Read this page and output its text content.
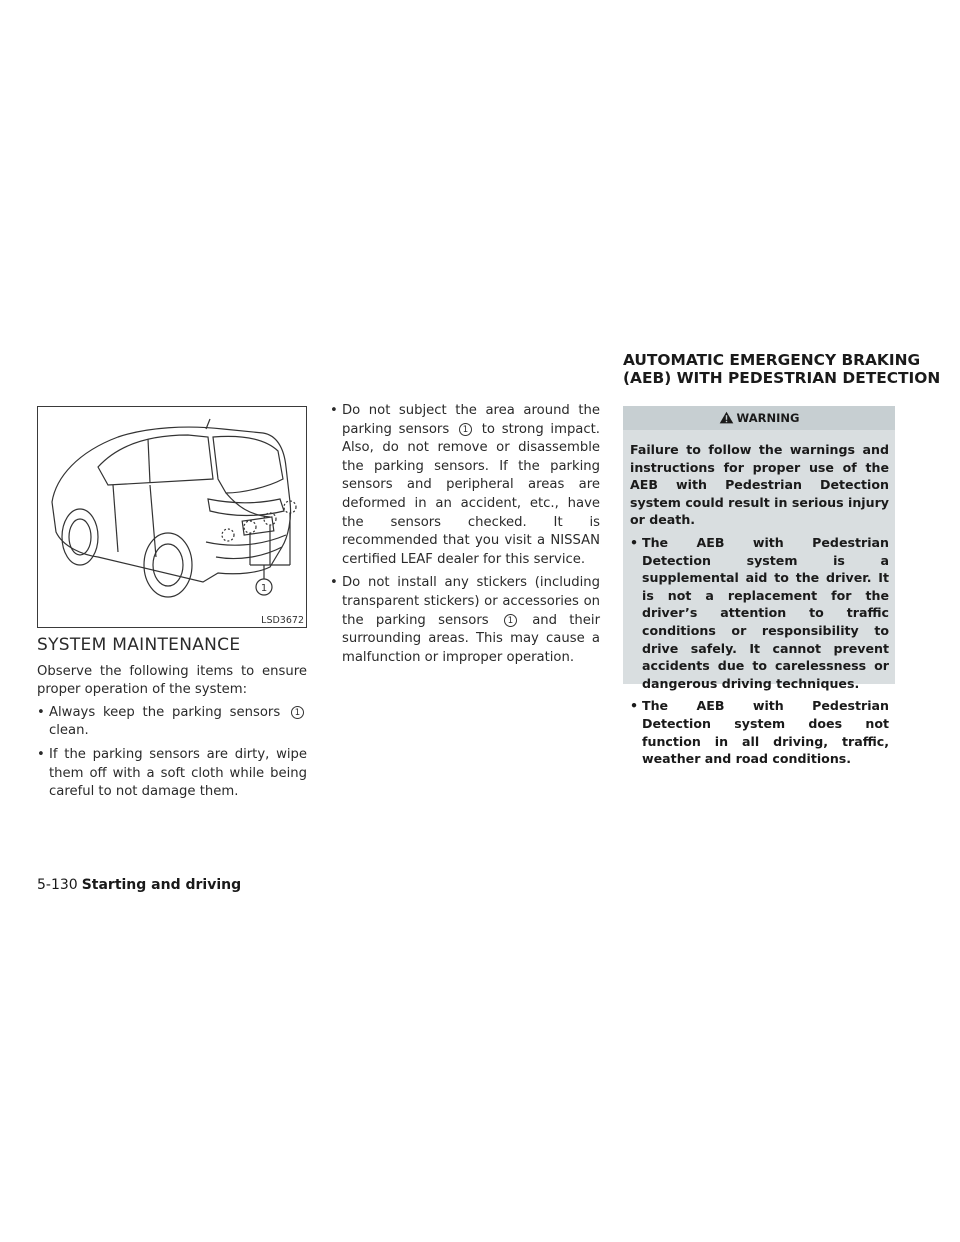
AUTOMATIC EMERGENCY BRAKING
(AEB) WITH PEDESTRIAN DETECTION
1
LSD3672
SYSTEM MAINTENANCE
Observe the following items to ensure proper operation of the system:
• Always keep the parking sensors 1 clean.
• If the parking sensors are dirty, wipe them off with a soft cloth while being careful to not damage them.
• Do not subject the area around the parking sensors 1 to strong impact. Also, do not remove or disassemble the parking sensors. If the parking sensors and peripheral areas are deformed in an accident, etc., have the sensors checked. It is recommended that you visit a NISSAN certified LEAF dealer for this service.
• Do not install any stickers (including transparent stickers) or accessories on the parking sensors 1 and their surrounding areas. This may cause a malfunction or improper operation.
WARNING
Failure to follow the warnings and instructions for proper use of the AEB with Pedestrian Detection system could result in serious injury or death.
• The AEB with Pedestrian Detection system is a supplemental aid to the driver. It is not a replacement for the driver’s attention to traffic conditions or responsibility to drive safely. It cannot prevent accidents due to carelessness or dangerous driving techniques.
• The AEB with Pedestrian Detection system does not function in all driving, traffic, weather and road conditions.
5-130 Starting and driving
